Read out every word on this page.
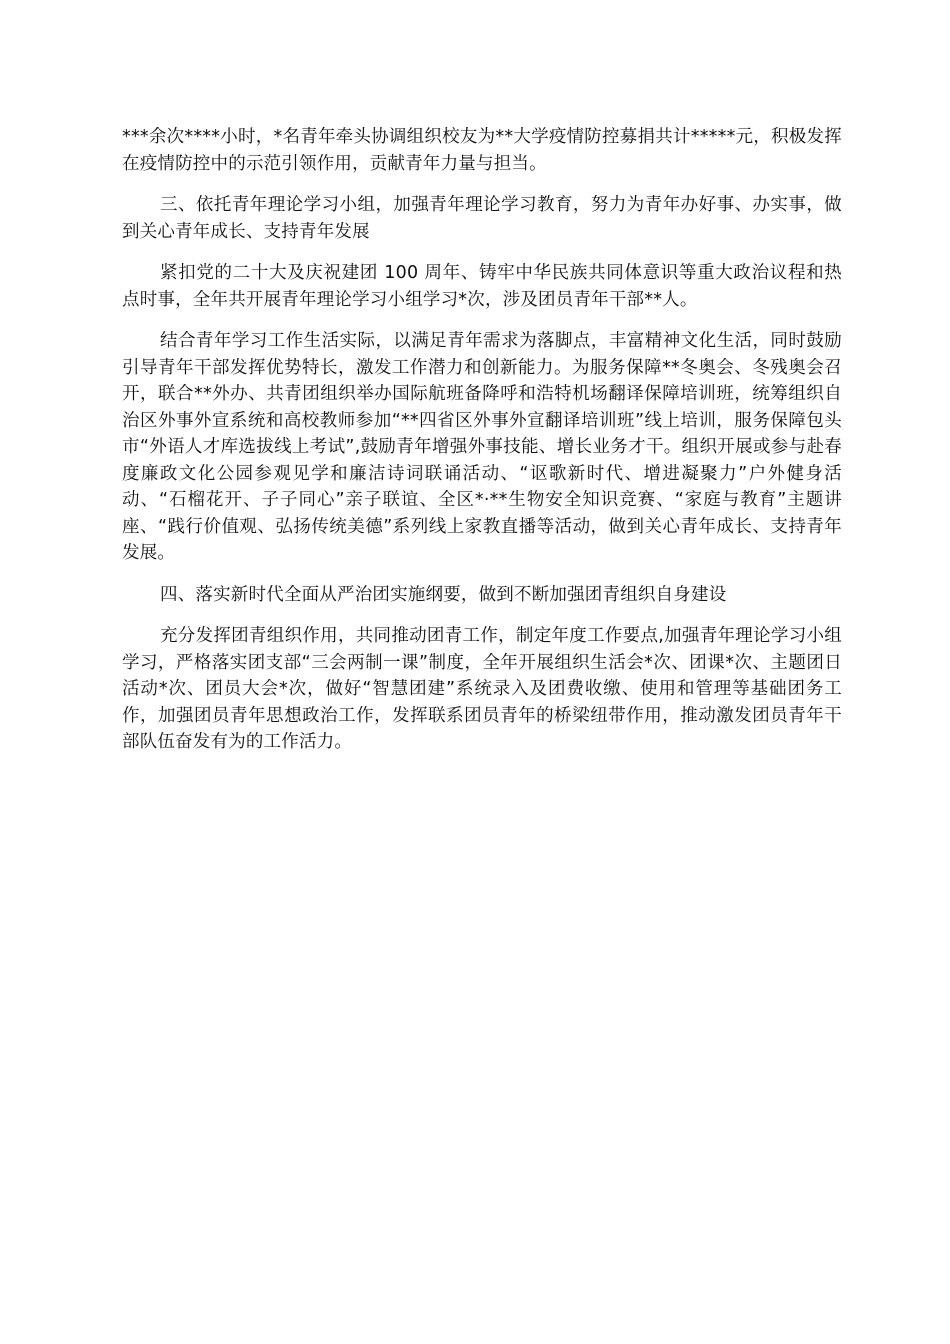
***余次****小时，*名青年牵头协调组织校友为**大学疫情防控募捐共计*****元，积极发挥在疫情防控中的示范引领作用，贡献青年力量与担当。

三、依托青年理论学习小组，加强青年理论学习教育，努力为青年办好事、办实事，做到关心青年成长、支持青年发展

紧扣党的二十大及庆祝建团 100 周年、铸牢中华民族共同体意识等重大政治议程和热点时事，全年共开展青年理论学习小组学习*次，涉及团员青年干部**人。

结合青年学习工作生活实际，以满足青年需求为落脚点，丰富精神文化生活，同时鼓励引导青年干部发挥优势特长，激发工作潜力和创新能力。为服务保障**冬奥会、冬残奥会召开，联合**外办、共青团组织举办国际航班备降呼和浩特机场翻译保障培训班，统筹组织自治区外事外宣系统和高校教师参加“**四省区外事外宣翻译培训班”线上培训，服务保障包头市“外语人才库选拔线上考试”,鼓励青年增强外事技能、增长业务才干。组织开展或参与赴春度廉政文化公园参观见学和廉洁诗词联诵活动、“讴歌新时代、增进凝聚力”户外健身活动、“石榴花开、子子同心”亲子联谊、全区*·**生物安全知识竞赛、“家庭与教育”主题讲座、“践行价值观、弘扬传统美德”系列线上家教直播等活动，做到关心青年成长、支持青年发展。

四、落实新时代全面从严治团实施纲要，做到不断加强团青组织自身建设

充分发挥团青组织作用，共同推动团青工作，制定年度工作要点,加强青年理论学习小组学习，严格落实团支部“三会两制一课”制度，全年开展组织生活会*次、团课*次、主题团日活动*次、团员大会*次，做好“智慧团建”系统录入及团费收缴、使用和管理等基础团务工作，加强团员青年思想政治工作，发挥联系团员青年的桥梁纽带作用，推动激发团员青年干部队伍奋发有为的工作活力。
